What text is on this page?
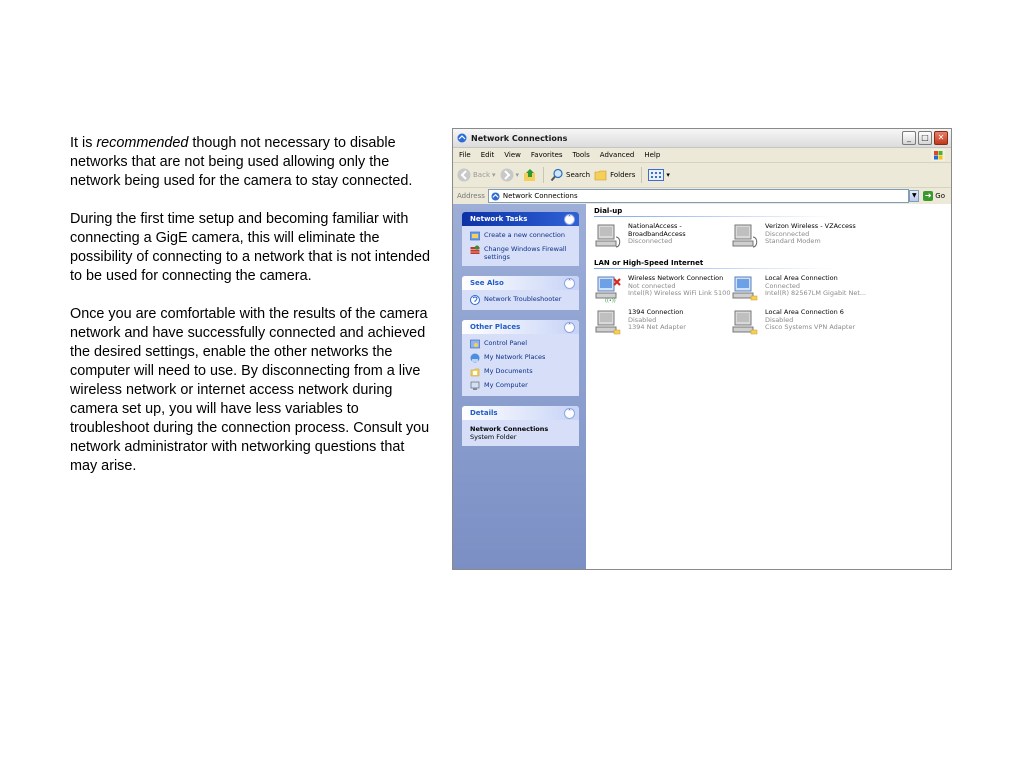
It is recommended though not necessary to disable networks that are not being used allowing only the network being used for the camera to stay connected.

During the first time setup and becoming familiar with connecting a GigE camera, this will eliminate the possibility of connecting to a network that is not intended to be used for connecting the camera.

Once you are comfortable with the results of the camera network and have successfully connected and achieved the desired settings, enable the other networks the computer will need to use. By disconnecting from a live wireless network or internet access network during camera set up, you will have less variables to troubleshoot during the connection process. Consult you network administrator with networking questions that may arise.

Network Connections	_	□	✕
File Edit View Favorites Tools Advanced Help
Back ▾	▾	Search	Folders	▾
Address	Network Connections	▼	➜ Go
Network Tasks	˄
Create a new connection
Change Windows Firewall settings
See Also	˄
Network Troubleshooter
Other Places	˄
Control Panel
My Network Places
My Documents
My Computer
Details	˄
Network Connections
System Folder
Dial-up
NationalAccess - BroadbandAccess
Disconnected
Verizon Wireless - VZAccess
Disconnected
Standard Modem
LAN or High-Speed Internet
((•))
Wireless Network Connection
Not connected
Intel(R) Wireless WiFi Link 5100
Local Area Connection
Connected
Intel(R) 82567LM Gigabit Net...
1394 Connection
Disabled
1394 Net Adapter
Local Area Connection 6
Disabled
Cisco Systems VPN Adapter
